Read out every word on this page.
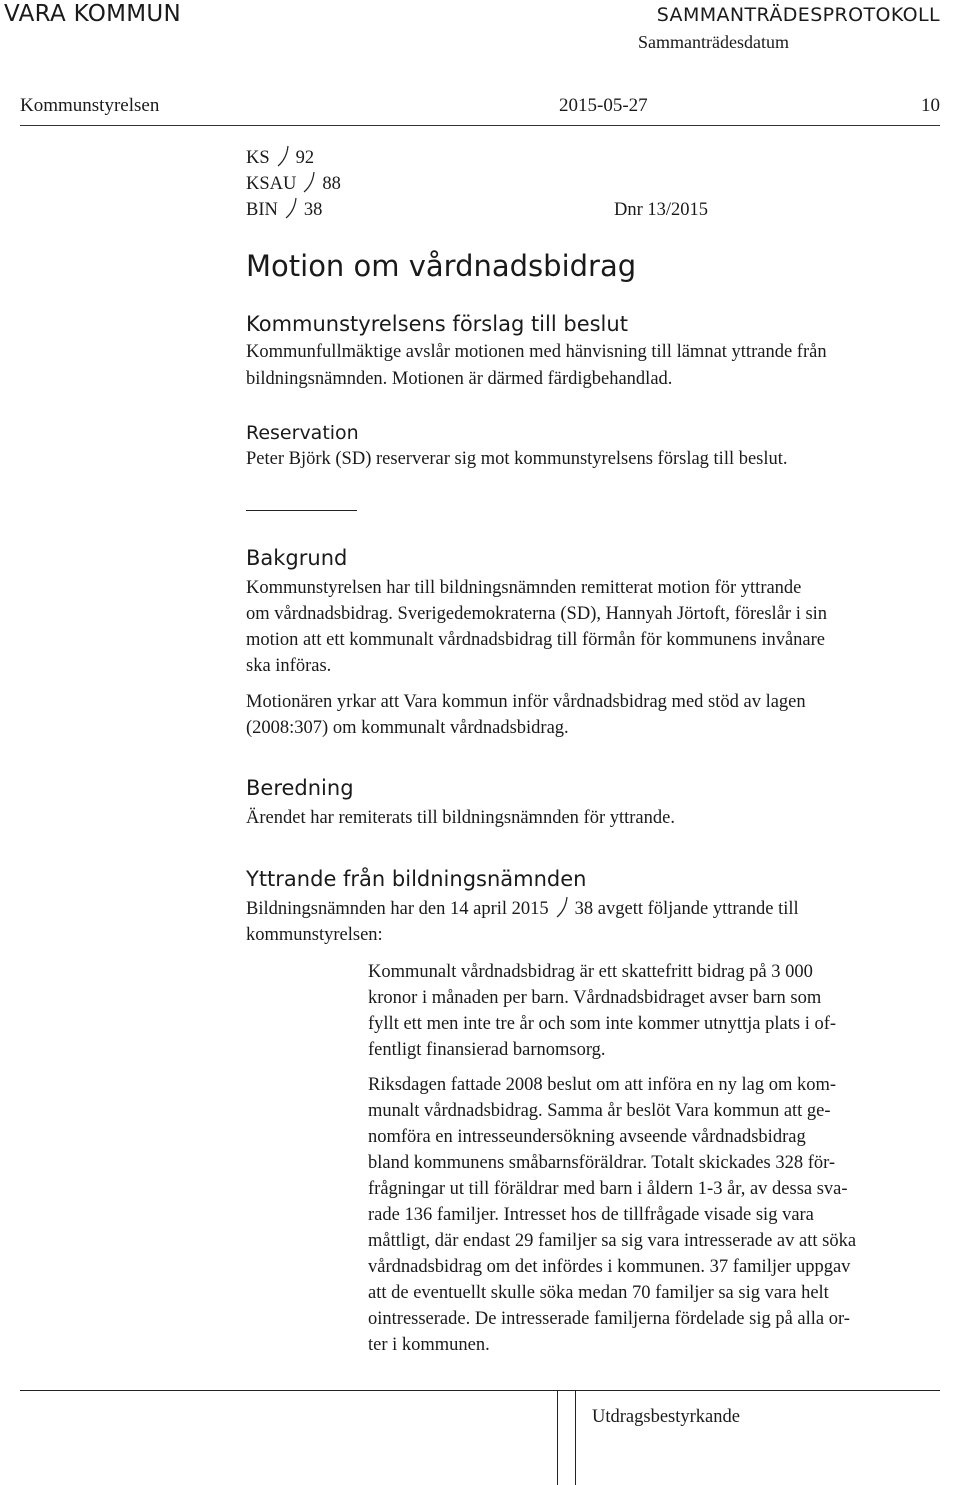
VARA KOMMUN	SAMMANTRÄDESPROTOKOLL
Sammanträdesdatum
Kommunstyrelsen	2015-05-27	10
KS 92
KSAU 88
BIN 38	Dnr 13/2015
Motion om vårdnadsbidrag
Kommunstyrelsens förslag till beslut
Kommunfullmäktige avslår motionen med hänvisning till lämnat yttrande från
bildningsnämnden. Motionen är därmed färdigbehandlad.
Reservation
Peter Björk (SD) reserverar sig mot kommunstyrelsens förslag till beslut.
Bakgrund
Kommunstyrelsen har till bildningsnämnden remitterat motion för yttrande
om vårdnadsbidrag. Sverigedemokraterna (SD), Hannyah Jörtoft, föreslår i sin
motion att ett kommunalt vårdnadsbidrag till förmån för kommunens invånare
ska införas.
Motionären yrkar att Vara kommun inför vårdnadsbidrag med stöd av lagen
(2008:307) om kommunalt vårdnadsbidrag.
Beredning
Ärendet har remiterats till bildningsnämnden för yttrande.
Yttrande från bildningsnämnden
Bildningsnämnden har den 14 april 2015 38 avgett följande yttrande till
kommunstyrelsen:
Kommunalt vårdnadsbidrag är ett skattefritt bidrag på 3 000
kronor i månaden per barn. Vårdnadsbidraget avser barn som
fyllt ett men inte tre år och som inte kommer utnyttja plats i of-
fentligt finansierad barnomsorg.
Riksdagen fattade 2008 beslut om att införa en ny lag om kom-
munalt vårdnadsbidrag. Samma år beslöt Vara kommun att ge-
nomföra en intresseundersökning avseende vårdnadsbidrag
bland kommunens småbarnsföräldrar. Totalt skickades 328 för-
frågningar ut till föräldrar med barn i åldern 1-3 år, av dessa sva-
rade 136 familjer. Intresset hos de tillfrågade visade sig vara
måttligt, där endast 29 familjer sa sig vara intresserade av att söka
vårdnadsbidrag om det infördes i kommunen. 37 familjer uppgav
att de eventuellt skulle söka medan 70 familjer sa sig vara helt
ointresserade. De intresserade familjerna fördelade sig på alla or-
ter i kommunen.
Utdragsbestyrkande
